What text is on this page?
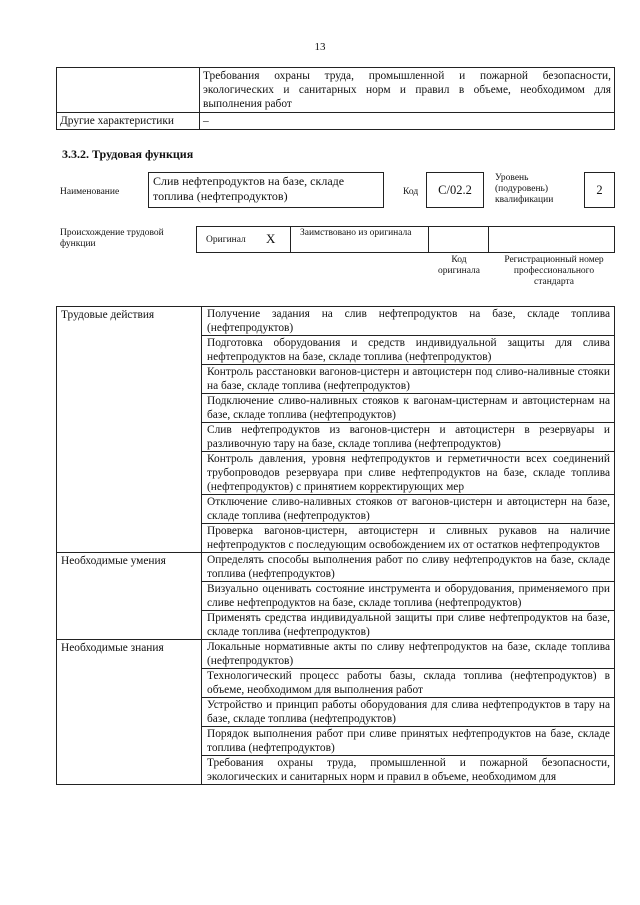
13
	Требования охраны труда, промышленной и пожарной безопасности, экологических и санитарных норм и правил в объеме, необходимом для выполнения работ
Другие характеристики	–
3.3.2. Трудовая функция
Наименование
Слив нефтепродуктов на базе, складе топлива (нефтепродуктов)	Код	C/02.2
Уровень (подуровень) квалификации
2
Происхождение трудовой функции	Оригинал X	Заимствовано из оригинала
Код оригинала
Регистрационный номер профессионального стандарта
Трудовые действия	Получение задания на слив нефтепродуктов на базе, складе топлива (нефтепродуктов)
	Подготовка оборудования и средств индивидуальной защиты для слива нефтепродуктов на базе, складе топлива (нефтепродуктов)
	Контроль расстановки вагонов-цистерн и автоцистерн под сливо-наливные стояки на базе, складе топлива (нефтепродуктов)
	Подключение сливо-наливных стояков к вагонам-цистернам и автоцистернам на базе, складе топлива (нефтепродуктов)
	Слив нефтепродуктов из вагонов-цистерн и автоцистерн в резервуары и разливочную тару на базе, складе топлива (нефтепродуктов)
	Контроль давления, уровня нефтепродуктов и герметичности всех соединений трубопроводов резервуара при сливе нефтепродуктов на базе, складе топлива (нефтепродуктов) с принятием корректирующих мер
	Отключение сливо-наливных стояков от вагонов-цистерн и автоцистерн на базе, складе топлива (нефтепродуктов)
	Проверка вагонов-цистерн, автоцистерн и сливных рукавов на наличие нефтепродуктов с последующим освобождением их от остатков нефтепродуктов
Необходимые умения	Определять способы выполнения работ по сливу нефтепродуктов на базе, складе топлива (нефтепродуктов)
	Визуально оценивать состояние инструмента и оборудования, применяемого при сливе нефтепродуктов на базе, складе топлива (нефтепродуктов)
	Применять средства индивидуальной защиты при сливе нефтепродуктов на базе, складе топлива (нефтепродуктов)
Необходимые знания	Локальные нормативные акты по сливу нефтепродуктов на базе, складе топлива (нефтепродуктов)
	Технологический процесс работы базы, склада топлива (нефтепродуктов) в объеме, необходимом для выполнения работ
	Устройство и принцип работы оборудования для слива нефтепродуктов в тару на базе, складе топлива (нефтепродуктов)
	Порядок выполнения работ при сливе принятых нефтепродуктов на базе, складе топлива (нефтепродуктов)
	Требования охраны труда, промышленной и пожарной безопасности, экологических и санитарных норм и правил в объеме, необходимом для
